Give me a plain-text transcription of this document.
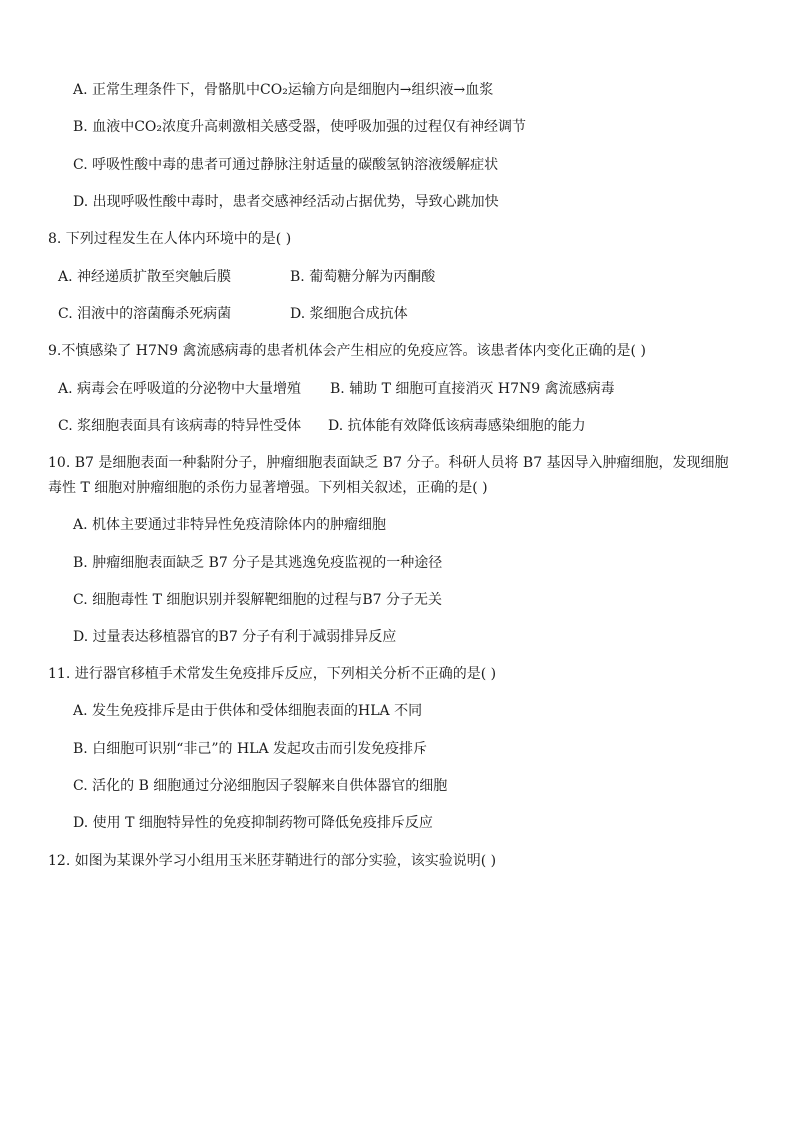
A. 正常生理条件下，骨骼肌中CO₂运输方向是细胞内→组织液→血浆
B. 血液中CO₂浓度升高刺激相关感受器，使呼吸加强的过程仅有神经调节
C. 呼吸性酸中毒的患者可通过静脉注射适量的碳酸氢钠溶液缓解症状
D. 出现呼吸性酸中毒时，患者交感神经活动占据优势，导致心跳加快
8. 下列过程发生在人体内环境中的是( )
A. 神经递质扩散至突触后膜	B. 葡萄糖分解为丙酮酸
C. 泪液中的溶菌酶杀死病菌	D. 浆细胞合成抗体
9.不慎感染了 H7N9 禽流感病毒的患者机体会产生相应的免疫应答。该患者体内变化正确的是( )
A. 病毒会在呼吸道的分泌物中大量增殖 B. 辅助 T 细胞可直接消灭 H7N9 禽流感病毒
C. 浆细胞表面具有该病毒的特异性受体 D. 抗体能有效降低该病毒感染细胞的能力
10. B7 是细胞表面一种黏附分子，肿瘤细胞表面缺乏 B7 分子。科研人员将 B7 基因导入肿瘤细胞，发现细胞
毒性 T 细胞对肿瘤细胞的杀伤力显著增强。下列相关叙述，正确的是( )
A. 机体主要通过非特异性免疫清除体内的肿瘤细胞
B. 肿瘤细胞表面缺乏 B7 分子是其逃逸免疫监视的一种途径
C. 细胞毒性 T 细胞识别并裂解靶细胞的过程与B7 分子无关
D. 过量表达移植器官的B7 分子有利于减弱排异反应
11. 进行器官移植手术常发生免疫排斥反应，下列相关分析不正确的是( )
A. 发生免疫排斥是由于供体和受体细胞表面的HLA 不同
B. 白细胞可识别“非己”的 HLA 发起攻击而引发免疫排斥
C. 活化的 B 细胞通过分泌细胞因子裂解来自供体器官的细胞
D. 使用 T 细胞特异性的免疫抑制药物可降低免疫排斥反应
12. 如图为某课外学习小组用玉米胚芽鞘进行的部分实验，该实验说明( )
